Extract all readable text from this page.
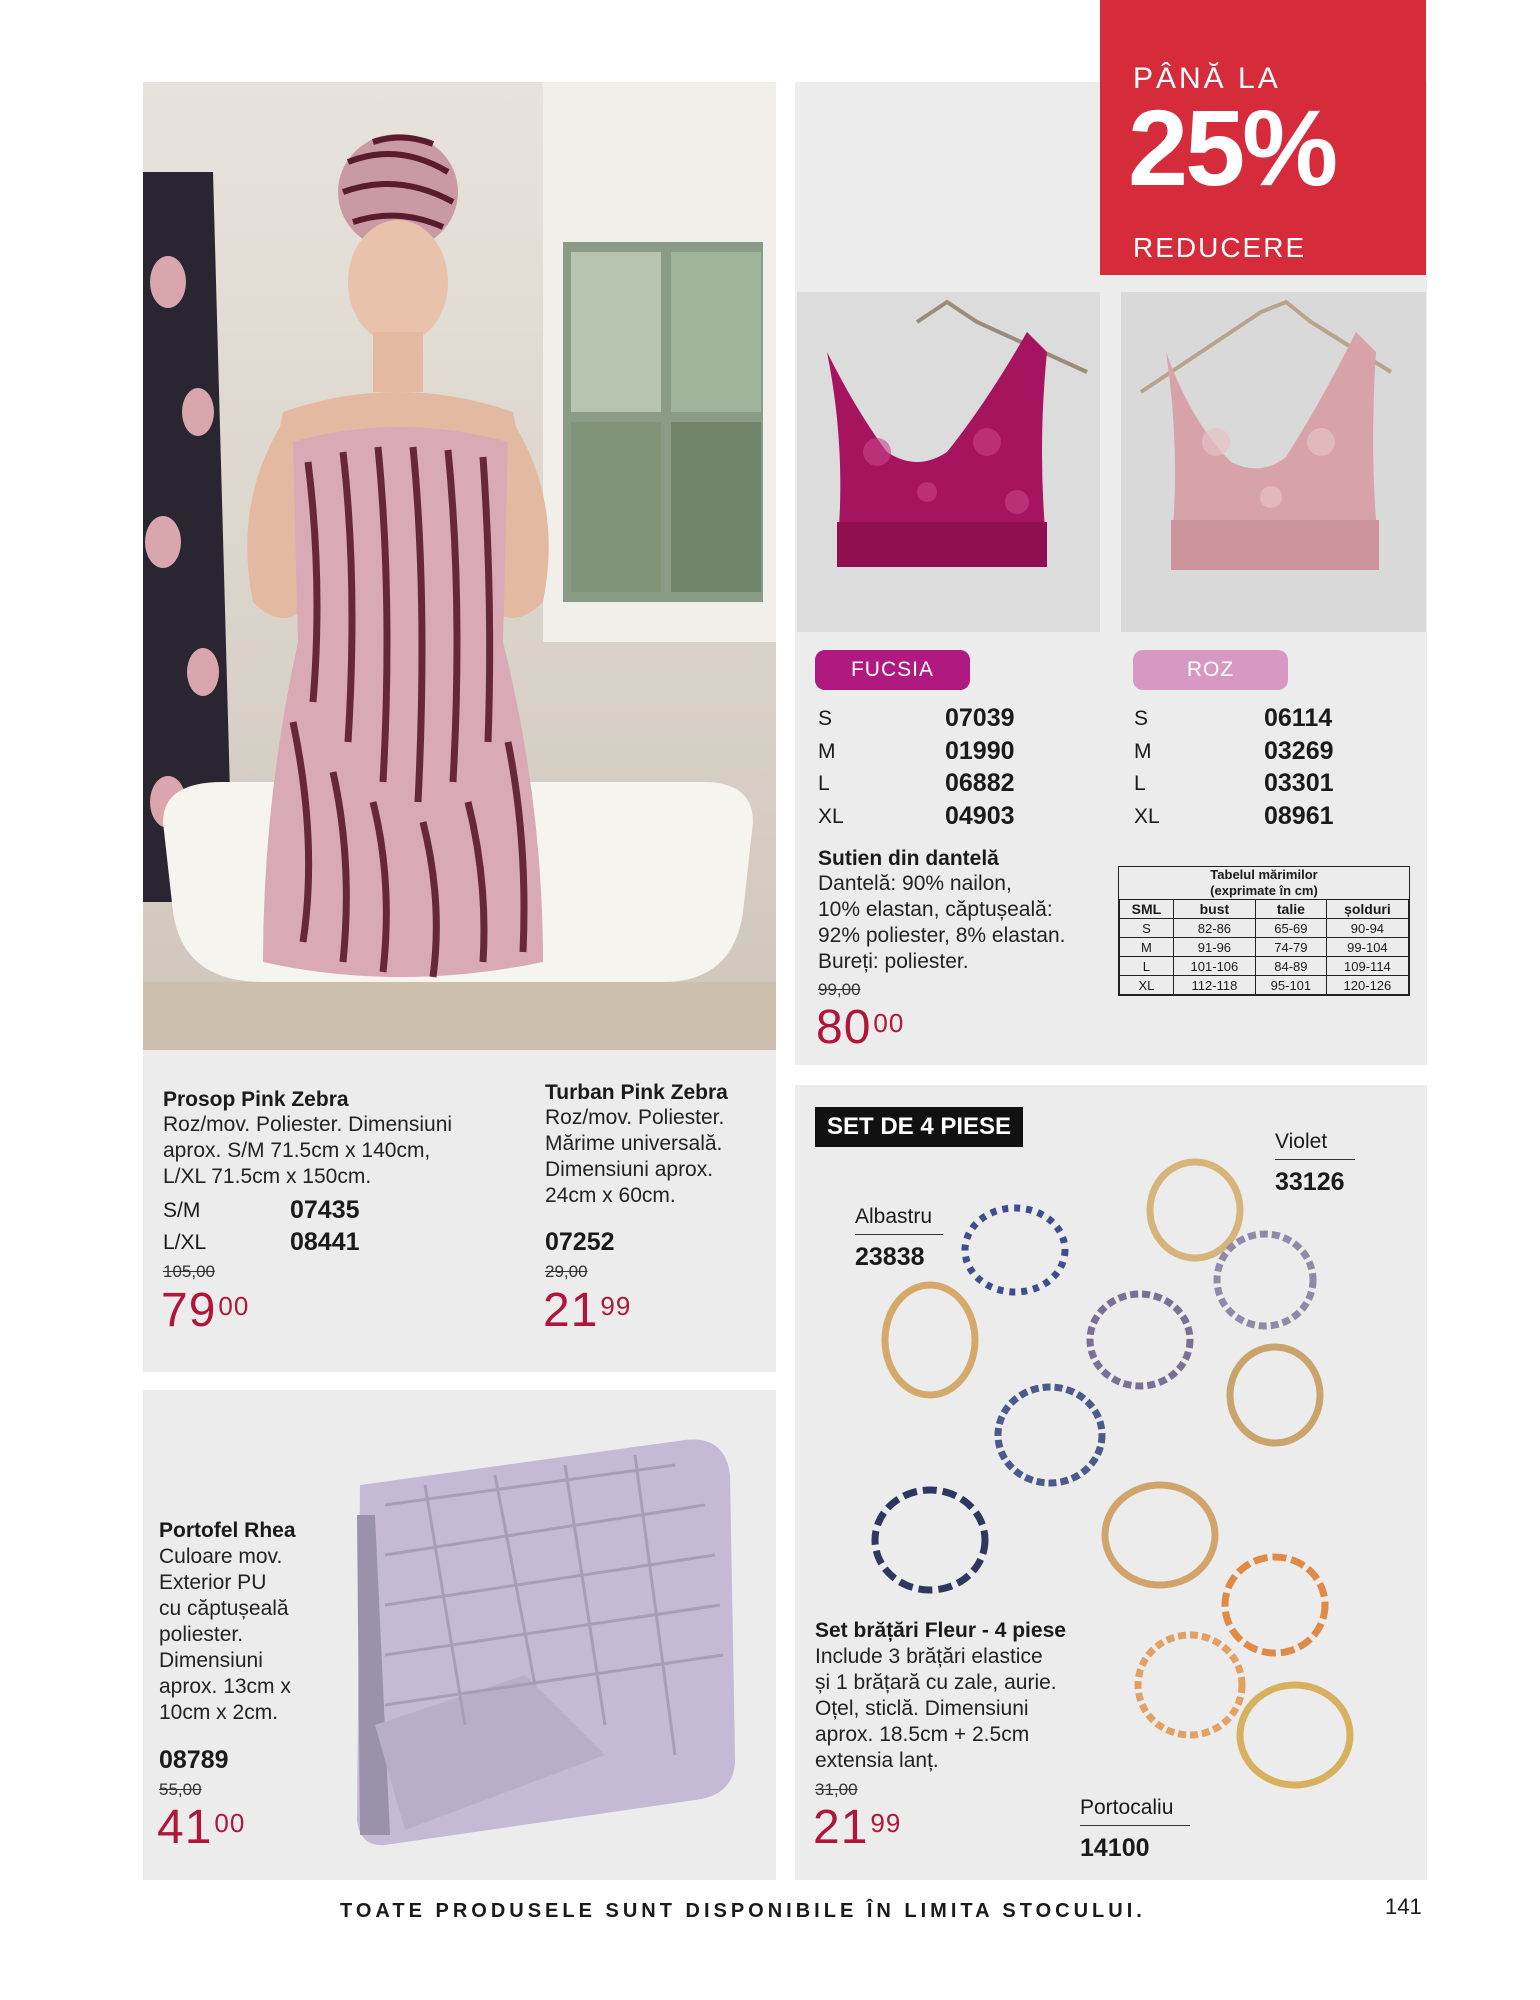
Prosop Pink Zebra
Roz/mov. Poliester. Dimensiuni
aprox. S/M 71.5cm x 140cm,
L/XL 71.5cm x 150cm.
S/M	07435
L/XL	08441
105,00
$79^{00}$
Turban Pink Zebra
Roz/mov. Poliester.
Mărime universală.
Dimensiuni aprox.
24cm x 60cm.
07252
29,00
$21^{99}$
PÂNĂ LA
25%
REDUCERE
FUCSIA	ROZ
S	07039
M	01990
L	06882
XL	04903
S	06114
M	03269
L	03301
XL	08961
Sutien din dantelă
Dantelă: 90% nailon,
10% elastan, căptușeală:
92% poliester, 8% elastan.
Bureți: poliester.
99,00
$80^{00}$
Tabelul mărimilor
(exprimate în cm)
SML	bust	talie	șolduri
S	82-86	65-69	90-94
M	91-96	74-79	99-104
L	101-106	84-89	109-114
XL	112-118	95-101	120-126
Portofel Rhea
Culoare mov.
Exterior PU
cu căptușeală
poliester.
Dimensiuni
aprox. 13cm x
10cm x 2cm.
08789
55,00
$41^{00}$
SET DE 4 PIESE
Violet
33126
Albastru
23838
Set brățări Fleur - 4 piese
Include 3 brățări elastice
și 1 brățară cu zale, aurie.
Oțel, sticlă. Dimensiuni
aprox. 18.5cm + 2.5cm
extensia lanț.
31,00
$21^{99}$
Portocaliu
14100
TOATE PRODUSELE SUNT DISPONIBILE ÎN LIMITA STOCULUI.	141
